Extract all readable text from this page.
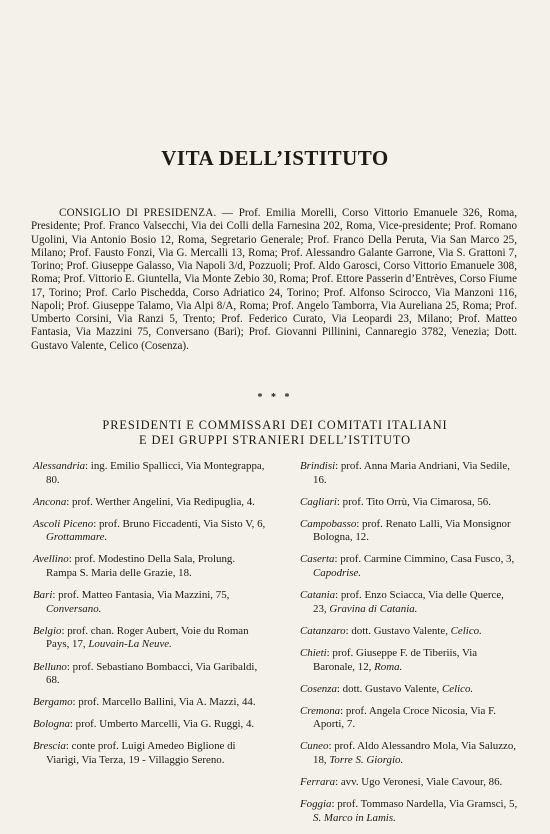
VITA DELL’ISTITUTO
CONSIGLIO DI PRESIDENZA. — Prof. Emilia Morelli, Corso Vittorio Emanuele 326, Roma, Presidente; Prof. Franco Valsecchi, Via dei Colli della Farnesina 202, Roma, Vice-presidente; Prof. Romano Ugolini, Via Antonio Bosio 12, Roma, Segretario Generale; Prof. Franco Della Peruta, Via San Marco 25, Milano; Prof. Fausto Fonzi, Via G. Mercalli 13, Roma; Prof. Alessandro Galante Garrone, Via S. Grattoni 7, Torino; Prof. Giuseppe Galasso, Via Napoli 3/d, Pozzuoli; Prof. Aldo Garosci, Corso Vittorio Emanuele 308, Roma; Prof. Vittorio E. Giuntella, Via Monte Zebio 30, Roma; Prof. Ettore Passerin d’Entrèves, Corso Fiume 17, Torino; Prof. Carlo Pischedda, Corso Adriatico 24, Torino; Prof. Alfonso Scirocco, Via Manzoni 116, Napoli; Prof. Giuseppe Talamo, Via Alpi 8/A, Roma; Prof. Angelo Tamborra, Via Aureliana 25, Roma; Prof. Umberto Corsini, Via Ranzi 5, Trento; Prof. Federico Curato, Via Leopardi 23, Milano; Prof. Matteo Fantasia, Via Mazzini 75, Conversano (Bari); Prof. Giovanni Pillinini, Cannaregio 3782, Venezia; Dott. Gustavo Valente, Celico (Cosenza).
* * *
PRESIDENTI E COMMISSARI DEI COMITATI ITALIANI
E DEI GRUPPI STRANIERI DELL’ISTITUTO
Alessandria: ing. Emilio Spallicci, Via Montegrappa, 80.
Ancona: prof. Werther Angelini, Via Redipuglia, 4.
Ascoli Piceno: prof. Bruno Ficcadenti, Via Sisto V, 6, Grottammare.
Avellino: prof. Modestino Della Sala, Prolung. Rampa S. Maria delle Grazie, 18.
Bari: prof. Matteo Fantasia, Via Mazzini, 75, Conversano.
Belgio: prof. chan. Roger Aubert, Voie du Roman Pays, 17, Louvain-La Neuve.
Belluno: prof. Sebastiano Bombacci, Via Garibaldi, 68.
Bergamo: prof. Marcello Ballini, Via A. Mazzi, 44.
Bologna: prof. Umberto Marcelli, Via G. Ruggi, 4.
Brescia: conte prof. Luigi Amedeo Biglione di Viarigi, Via Terza, 19 - Villaggio Sereno.
Brindisi: prof. Anna Maria Andriani, Via Sedile, 16.
Cagliari: prof. Tito Orrù, Via Cimarosa, 56.
Campobasso: prof. Renato Lalli, Via Monsignor Bologna, 12.
Caserta: prof. Carmine Cimmino, Casa Fusco, 3, Capodrise.
Catania: prof. Enzo Sciacca, Via delle Querce, 23, Gravina di Catania.
Catanzaro: dott. Gustavo Valente, Celico.
Chieti: prof. Giuseppe F. de Tiberiis, Via Baronale, 12, Roma.
Cosenza: dott. Gustavo Valente, Celico.
Cremona: prof. Angela Croce Nicosia, Via F. Aporti, 7.
Cuneo: prof. Aldo Alessandro Mola, Via Saluzzo, 18, Torre S. Giorgio.
Ferrara: avv. Ugo Veronesi, Viale Cavour, 86.
Foggia: prof. Tommaso Nardella, Via Gramsci, 5, S. Marco in Lamis.
